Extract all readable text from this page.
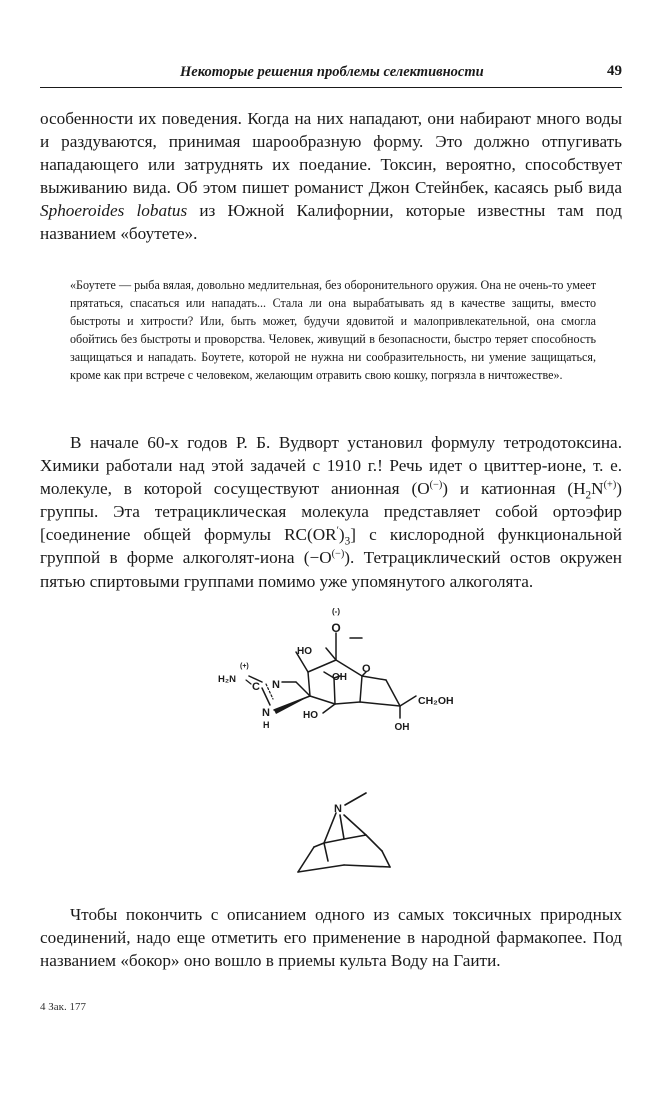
Некоторые решения проблемы селективности	49

особенности их поведения. Когда на них нападают, они набирают много воды и раздуваются, принимая шарообразную форму. Это должно отпугивать нападающего или затруднять их поедание. Токсин, вероятно, способствует выживанию вида. Об этом пишет романист Джон Стейнбек, касаясь рыб вида Sphoeroides lobatus из Южной Калифорнии, которые известны там под названием «боутете».

«Боутете — рыба вялая, довольно медлительная, без оборонительного оружия. Она не очень-то умеет прятаться, спасаться или нападать... Стала ли она вырабатывать яд в качестве защиты, вместо быстроты и хитрости? Или, быть может, будучи ядовитой и малопривлекательной, она смогла обойтись без быстроты и проворства. Человек, живущий в безопасности, быстро теряет способность защищаться и нападать. Боутете, которой не нужна ни сообразительность, ни умение защищаться, кроме как при встрече с человеком, желающим отравить свою кошку, погрязла в ничтожестве».

В начале 60-х годов Р. Б. Вудворт установил формулу тетродотоксина. Химики работали над этой задачей с 1910 г.! Речь идет о цвиттер-ионе, т. е. молекуле, в которой сосуществуют анионная (O(−)) и катионная $(H_2N^{(+)})$ группы. Эта тетрациклическая молекула представляет собой ортоэфир [соединение общей формулы $RC(OR')_3$] с кислородной функциональной группой в форме алкоголят-иона (−O(−)). Тетрациклический остов окружен пятью спиртовыми группами помимо уже упомянутого алкоголята.

(-)
O
HO
O
OH
H₂N
(+)
C N
N
H
HO
OH
CH₂OH
N

Чтобы покончить с описанием одного из самых токсичных природных соединений, надо еще отметить его применение в народной фармакопее. Под названием «бокор» оно вошло в приемы культа Воду на Гаити.

4 Зак. 177
